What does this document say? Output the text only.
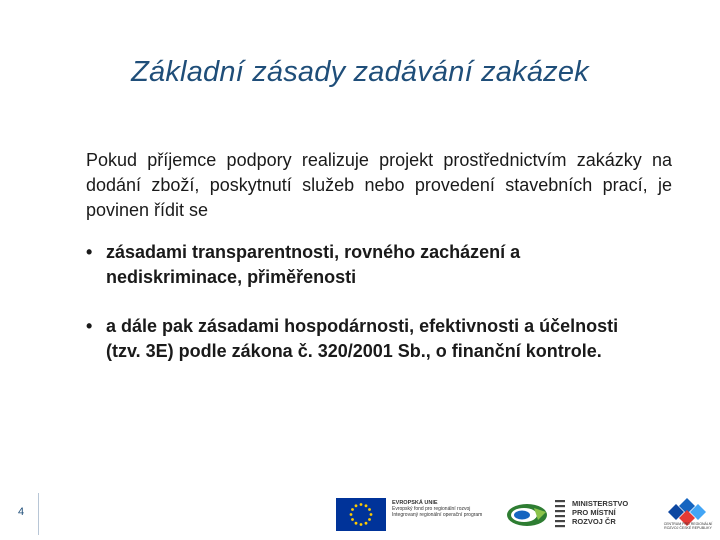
Základní zásady zadávání zakázek
Pokud příjemce podpory realizuje projekt prostřednictvím zakázky na dodání zboží, poskytnutí služeb nebo provedení stavebních prací, je povinen řídit se
• zásadami transparentnosti, rovného zacházení a nediskriminace, přiměřenosti
• a dále pak zásadami hospodárnosti, efektivnosti a účelnosti (tzv. 3E) podle zákona č. 320/2001 Sb., o finanční kontrole.
4
EVROPSKÁ UNIE
Evropský fond pro regionální rozvoj
Integrovaný regionální operační program
MINISTERSTVO
PRO MÍSTNÍ
ROZVOJ ČR	CENTRUM PRO REGIONÁLNÍ ROZVOJ ČESKÉ REPUBLIKY
